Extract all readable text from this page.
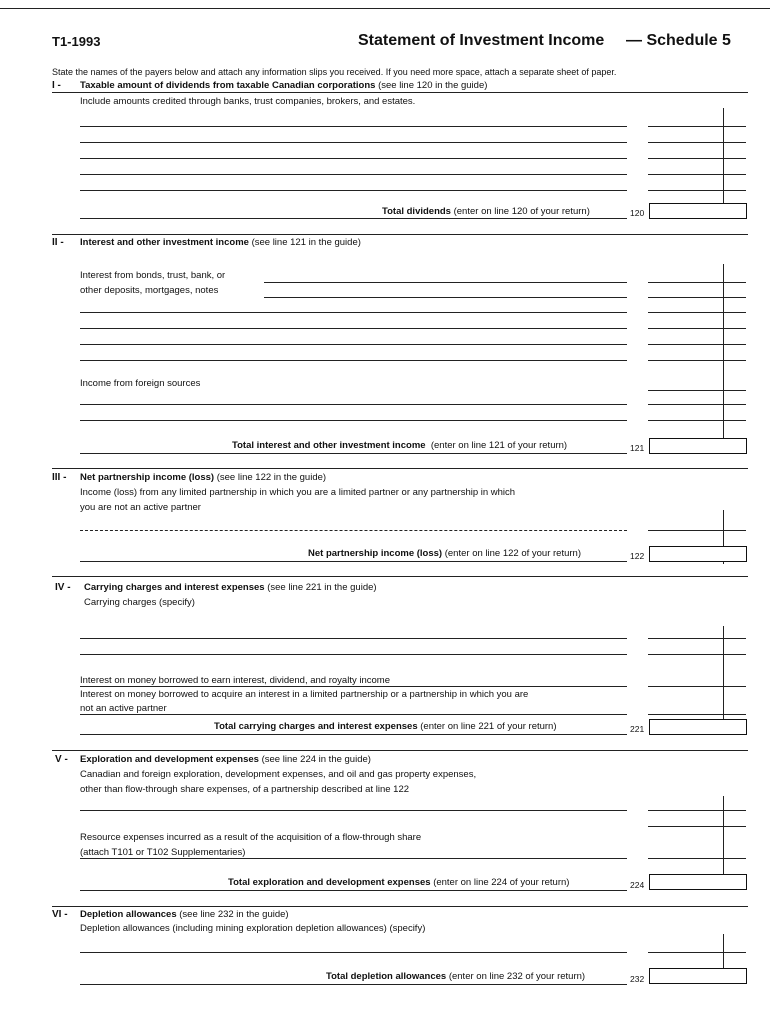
T1-1993	Statement of Investment Income — Schedule 5
State the names of the payers below and attach any information slips you received. If you need more space, attach a separate sheet of paper.
I - Taxable amount of dividends from taxable Canadian corporations (see line 120 in the guide)
Include amounts credited through banks, trust companies, brokers, and estates.
Total dividends (enter on line 120 of your return)	120
II - Interest and other investment income (see line 121 in the guide)
Interest from bonds, trust, bank, or
other deposits, mortgages, notes
Income from foreign sources
Total interest and other investment income (enter on line 121 of your return)	121
III - Net partnership income (loss) (see line 122 in the guide)
Income (loss) from any limited partnership in which you are a limited partner or any partnership in which
you are not an active partner
Net partnership income (loss) (enter on line 122 of your return)	122
IV - Carrying charges and interest expenses (see line 221 in the guide)
Carrying charges (specify)
Interest on money borrowed to earn interest, dividend, and royalty income
Interest on money borrowed to acquire an interest in a limited partnership or a partnership in which you are
not an active partner
Total carrying charges and interest expenses (enter on line 221 of your return)	221
V - Exploration and development expenses (see line 224 in the guide)
Canadian and foreign exploration, development expenses, and oil and gas property expenses,
other than flow-through share expenses, of a partnership described at line 122
Resource expenses incurred as a result of the acquisition of a flow-through share
(attach T101 or T102 Supplementaries)
Total exploration and development expenses (enter on line 224 of your return)	224
VI - Depletion allowances (see line 232 in the guide)
Depletion allowances (including mining exploration depletion allowances) (specify)
Total depletion allowances (enter on line 232 of your return)	232
